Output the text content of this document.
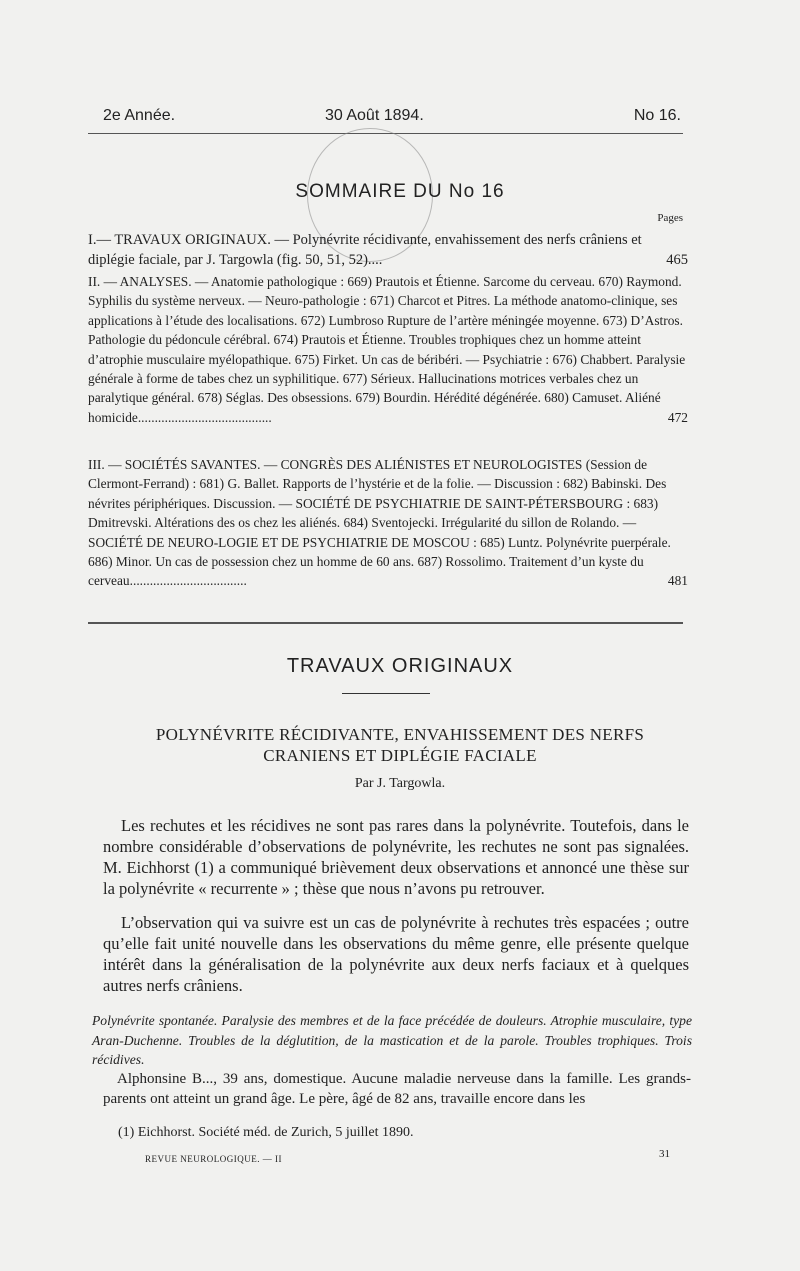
2e Année.	30 Août 1894.	No 16.
SOMMAIRE DU No 16
Pages
I.— TRAVAUX ORIGINAUX. — Polynévrite récidivante, envahissement des nerfs crâniens et diplégie faciale, par J. Targowla (fig. 50, 51, 52)....	465
II. — ANALYSES. — Anatomie pathologique : 669) Prautois et Étienne. Sarcome du cerveau. 670) Raymond. Syphilis du système nerveux. — Neuro-pathologie : 671) Charcot et Pitres. La méthode anatomo-clinique, ses applications à l’étude des localisations. 672) Lumbroso Rupture de l’artère méningée moyenne. 673) D’Astros. Pathologie du pédoncule cérébral. 674) Prautois et Étienne. Troubles trophiques chez un homme atteint d’atrophie musculaire myélopathique. 675) Firket. Un cas de béribéri. — Psychiatrie : 676) Chabbert. Paralysie générale à forme de tabes chez un syphilitique. 677) Sérieux. Hallucinations motrices verbales chez un paralytique général. 678) Séglas. Des obsessions. 679) Bourdin. Hérédité dégénérée. 680) Camuset. Aliéné homicide........................................	472
III. — SOCIÉTÉS SAVANTES. — CONGRÈS DES ALIÉNISTES ET NEUROLOGISTES (Session de Clermont-Ferrand) : 681) G. Ballet. Rapports de l’hystérie et de la folie. — Discussion : 682) Babinski. Des névrites périphériques. Discussion. — SOCIÉTÉ DE PSYCHIATRIE DE SAINT-PÉTERSBOURG : 683) Dmitrevski. Altérations des os chez les aliénés. 684) Sventojecki. Irrégularité du sillon de Rolando. — SOCIÉTÉ DE NEURO-LOGIE ET DE PSYCHIATRIE DE MOSCOU : 685) Luntz. Polynévrite puerpérale. 686) Minor. Un cas de possession chez un homme de 60 ans. 687) Rossolimo. Traitement d’un kyste du cerveau...................................	481
TRAVAUX ORIGINAUX
POLYNÉVRITE RÉCIDIVANTE, ENVAHISSEMENT DES NERFS CRANIENS ET DIPLÉGIE FACIALE
Par J. Targowla.
Les rechutes et les récidives ne sont pas rares dans la polynévrite. Toutefois, dans le nombre considérable d’observations de polynévrite, les rechutes ne sont pas signalées. M. Eichhorst (1) a communiqué brièvement deux observations et annoncé une thèse sur la polynévrite « recurrente » ; thèse que nous n’avons pu retrouver.
L’observation qui va suivre est un cas de polynévrite à rechutes très espacées ; outre qu’elle fait unité nouvelle dans les observations du même genre, elle présente quelque intérêt dans la généralisation de la polynévrite aux deux nerfs faciaux et à quelques autres nerfs crâniens.
Polynévrite spontanée. Paralysie des membres et de la face précédée de douleurs. Atrophie musculaire, type Aran-Duchenne. Troubles de la déglutition, de la mastication et de la parole. Troubles trophiques. Trois récidives.
Alphonsine B..., 39 ans, domestique. Aucune maladie nerveuse dans la famille. Les grands-parents ont atteint un grand âge. Le père, âgé de 82 ans, travaille encore dans les
(1) Eichhorst. Société méd. de Zurich, 5 juillet 1890.
REVUE NEUROLOGIQUE. — II	31
